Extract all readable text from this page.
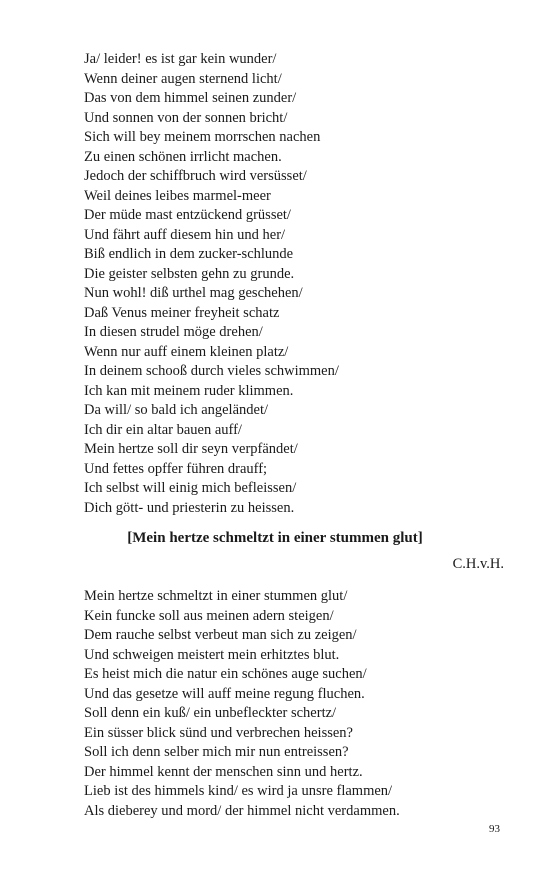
Ja/ leider! es ist gar kein wunder/
Wenn deiner augen sternend licht/
Das von dem himmel seinen zunder/
Und sonnen von der sonnen bricht/
Sich will bey meinem morrschen nachen
Zu einen schönen irrlicht machen.
Jedoch der schiffbruch wird versüsset/
Weil deines leibes marmel-meer
Der müde mast entzückend grüsset/
Und fährt auff diesem hin und her/
Biß endlich in dem zucker-schlunde
Die geister selbsten gehn zu grunde.
Nun wohl! diß urthel mag geschehen/
Daß Venus meiner freyheit schatz
In diesen strudel möge drehen/
Wenn nur auff einem kleinen platz/
In deinem schooß durch vieles schwimmen/
Ich kan mit meinem ruder klimmen.
Da will/ so bald ich angeländet/
Ich dir ein altar bauen auff/
Mein hertze soll dir seyn verpfändet/
Und fettes opffer führen drauff;
Ich selbst will einig mich befleissen/
Dich gött- und priesterin zu heissen.
[Mein hertze schmeltzt in einer stummen glut]
C.H.v.H.
Mein hertze schmeltzt in einer stummen glut/
Kein funcke soll aus meinen adern steigen/
Dem rauche selbst verbeut man sich zu zeigen/
Und schweigen meistert mein erhitztes blut.
Es heist mich die natur ein schönes auge suchen/
Und das gesetze will auff meine regung fluchen.
Soll denn ein kuß/ ein unbefleckter schertz/
Ein süsser blick sünd und verbrechen heissen?
Soll ich denn selber mich mir nun entreissen?
Der himmel kennt der menschen sinn und hertz.
Lieb ist des himmels kind/ es wird ja unsre flammen/
Als dieberey und mord/ der himmel nicht verdammen.
93
